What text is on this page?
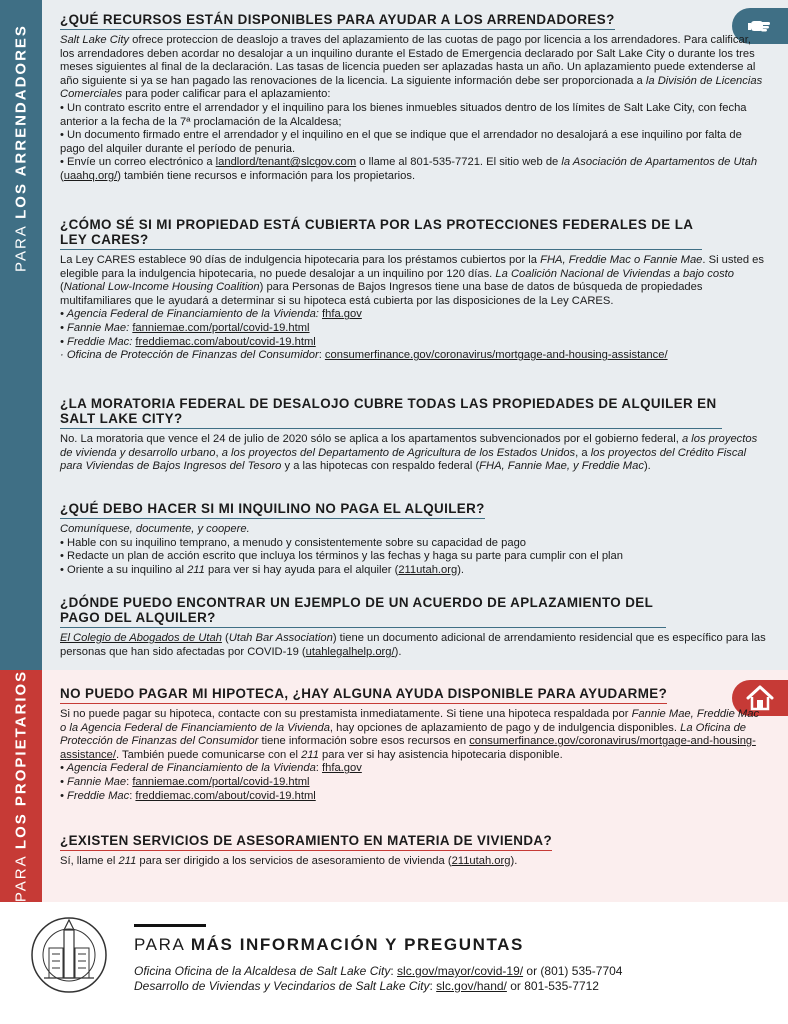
PARA LOS ARRENDADORES
PARA LOS PROPIETARIOS
¿QUÉ RECURSOS ESTÁN DISPONIBLES PARA AYUDAR A LOS ARRENDADORES?

Salt Lake City ofrece proteccion de deaslojo a traves del aplazamiento de las cuotas de pago por licencia a los arrendadores. Para calificar, los arrendadores deben acordar no desalojar a un inquilino durante el Estado de Emergencia declarado por Salt Lake City o durante los tres meses siguientes al final de la declaración. Las tasas de licencia pueden ser aplazadas hasta un año. Un aplazamiento puede extenderse al año siguiente si ya se han pagado las renovaciones de la licencia. La siguiente información debe ser proporcionada a la División de Licencias Comerciales para poder calificar para el aplazamiento:

• Un contrato escrito entre el arrendador y el inquilino para los bienes inmuebles situados dentro de los límites de Salt Lake City, con fecha anterior a la fecha de la 7ª proclamación de la Alcaldesa;

• Un documento firmado entre el arrendador y el inquilino en el que se indique que el arrendador no desalojará a ese inquilino por falta de pago del alquiler durante el período de penuria.

• Envíe un correo electrónico a landlord/tenant@slcgov.com o llame al 801-535-7721. El sitio web de la Asociación de Apartamentos de Utah (uaahq.org/) también tiene recursos e información para los propietarios.

¿CÓMO SÉ SI MI PROPIEDAD ESTÁ CUBIERTA POR LAS PROTECCIONES FEDERALES DE LA LEY CARES?

La Ley CARES establece 90 días de indulgencia hipotecaria para los préstamos cubiertos por la FHA, Freddie Mac o Fannie Mae. Si usted es elegible para la indulgencia hipotecaria, no puede desalojar a un inquilino por 120 días. La Coalición Nacional de Viviendas a bajo costo (National Low-Income Housing Coalition) para Personas de Bajos Ingresos tiene una base de datos de búsqueda de propiedades multifamiliares que le ayudará a determinar si su hipoteca está cubierta por las disposiciones de la Ley CARES.

• Agencia Federal de Financiamiento de la Vivienda: fhfa.gov

• Fannie Mae: fanniemae.com/portal/covid-19.html

• Freddie Mac: freddiemac.com/about/covid-19.html

· Oficina de Protección de Finanzas del Consumidor: consumerfinance.gov/coronavirus/mortgage-and-housing-assistance/

¿LA MORATORIA FEDERAL DE DESALOJO CUBRE TODAS LAS PROPIEDADES DE ALQUILER EN SALT LAKE CITY?

No. La moratoria que vence el 24 de julio de 2020 sólo se aplica a los apartamentos subvencionados por el gobierno federal, a los proyectos de vivienda y desarrollo urbano, a los proyectos del Departamento de Agricultura de los Estados Unidos, a los proyectos del Crédito Fiscal para Viviendas de Bajos Ingresos del Tesoro y a las hipotecas con respaldo federal (FHA, Fannie Mae, y Freddie Mac).

¿QUÉ DEBO HACER SI MI INQUILINO NO PAGA EL ALQUILER?

Comuníquese, documente, y coopere.

• Hable con su inquilino temprano, a menudo y consistentemente sobre su capacidad de pago

• Redacte un plan de acción escrito que incluya los términos y las fechas y haga su parte para cumplir con el plan

• Oriente a su inquilino al 211 para ver si hay ayuda para el alquiler (211utah.org).

¿DÓNDE PUEDO ENCONTRAR UN EJEMPLO DE UN ACUERDO DE APLAZAMIENTO DEL PAGO DEL ALQUILER?

El Colegio de Abogados de Utah (Utah Bar Association) tiene un documento adicional de arrendamiento residencial que es específico para las personas que han sido afectadas por COVID-19 (utahlegalhelp.org/).

NO PUEDO PAGAR MI HIPOTECA, ¿HAY ALGUNA AYUDA DISPONIBLE PARA AYUDARME?

Si no puede pagar su hipoteca, contacte con su prestamista inmediatamente. Si tiene una hipoteca respaldada por Fannie Mae, Freddie Mac o la Agencia Federal de Financiamiento de la Vivienda, hay opciones de aplazamiento de pago y de indulgencia disponibles. La Oficina de Protección de Finanzas del Consumidor tiene información sobre esos recursos en consumerfinance.gov/coronavirus/mortgage-and-housing-assistance/. También puede comunicarse con el 211 para ver si hay asistencia hipotecaria disponible.

• Agencia Federal de Financiamiento de la Vivienda: fhfa.gov

• Fannie Mae: fanniemae.com/portal/covid-19.html

• Freddie Mac: freddiemac.com/about/covid-19.html

¿EXISTEN SERVICIOS DE ASESORAMIENTO EN MATERIA DE VIVIENDA?

Sí, llame el 211 para ser dirigido a los servicios de asesoramiento de vivienda (211utah.org).

PARA MÁS INFORMACIÓN Y PREGUNTAS
Oficina Oficina de la Alcaldesa de Salt Lake City: slc.gov/mayor/covid-19/ or (801) 535-7704
Desarrollo de Viviendas y Vecindarios de Salt Lake City: slc.gov/hand/ or 801-535-7712
